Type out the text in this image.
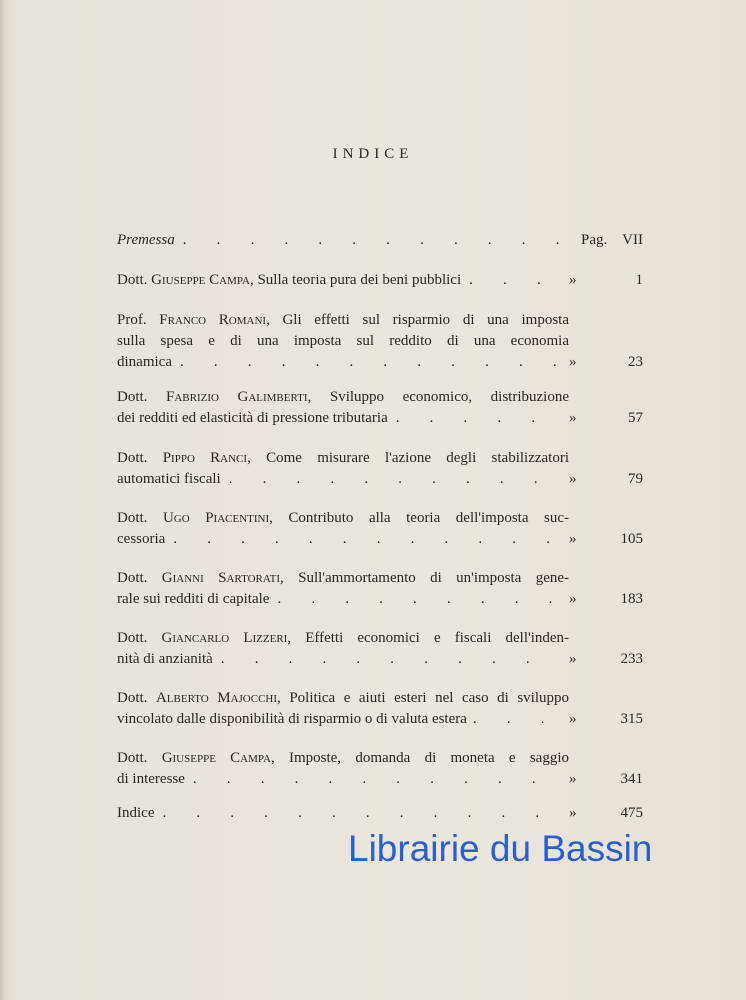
INDICE
Premessa . . .	Pag. VII
Dott. Giuseppe Campa, Sulla teoria pura dei beni pubblici . . .	»	1
Prof. Franco Romani, Gli effetti sul risparmio di una imposta
sulla spesa e di una imposta sul reddito di una economia
dinamica . . .	»	23
Dott. Fabrizio Galimberti, Sviluppo economico, distribuzione
dei redditi ed elasticità di pressione tributaria . . .	»	57
Dott. Pippo Ranci, Come misurare l'azione degli stabilizzatori
automatici fiscali . . .	»	79
Dott. Ugo Piacentini, Contributo alla teoria dell'imposta suc-
cessoria . . .	»	105
Dott. Gianni Sartorati, Sull'ammortamento di un'imposta gene-
rale sui redditi di capitale . . .	»	183
Dott. Giancarlo Lizzeri, Effetti economici e fiscali dell'inden-
nità di anzianità . . .	»	233
Dott. Alberto Majocchi, Politica e aiuti esteri nel caso di sviluppo
vincolato dalle disponibilità di risparmio o di valuta estera . . .	»	315
Dott. Giuseppe Campa, Imposte, domanda di moneta e saggio
di interesse . . .	»	341
Indice . . .	»	475
Librairie du Bassin
